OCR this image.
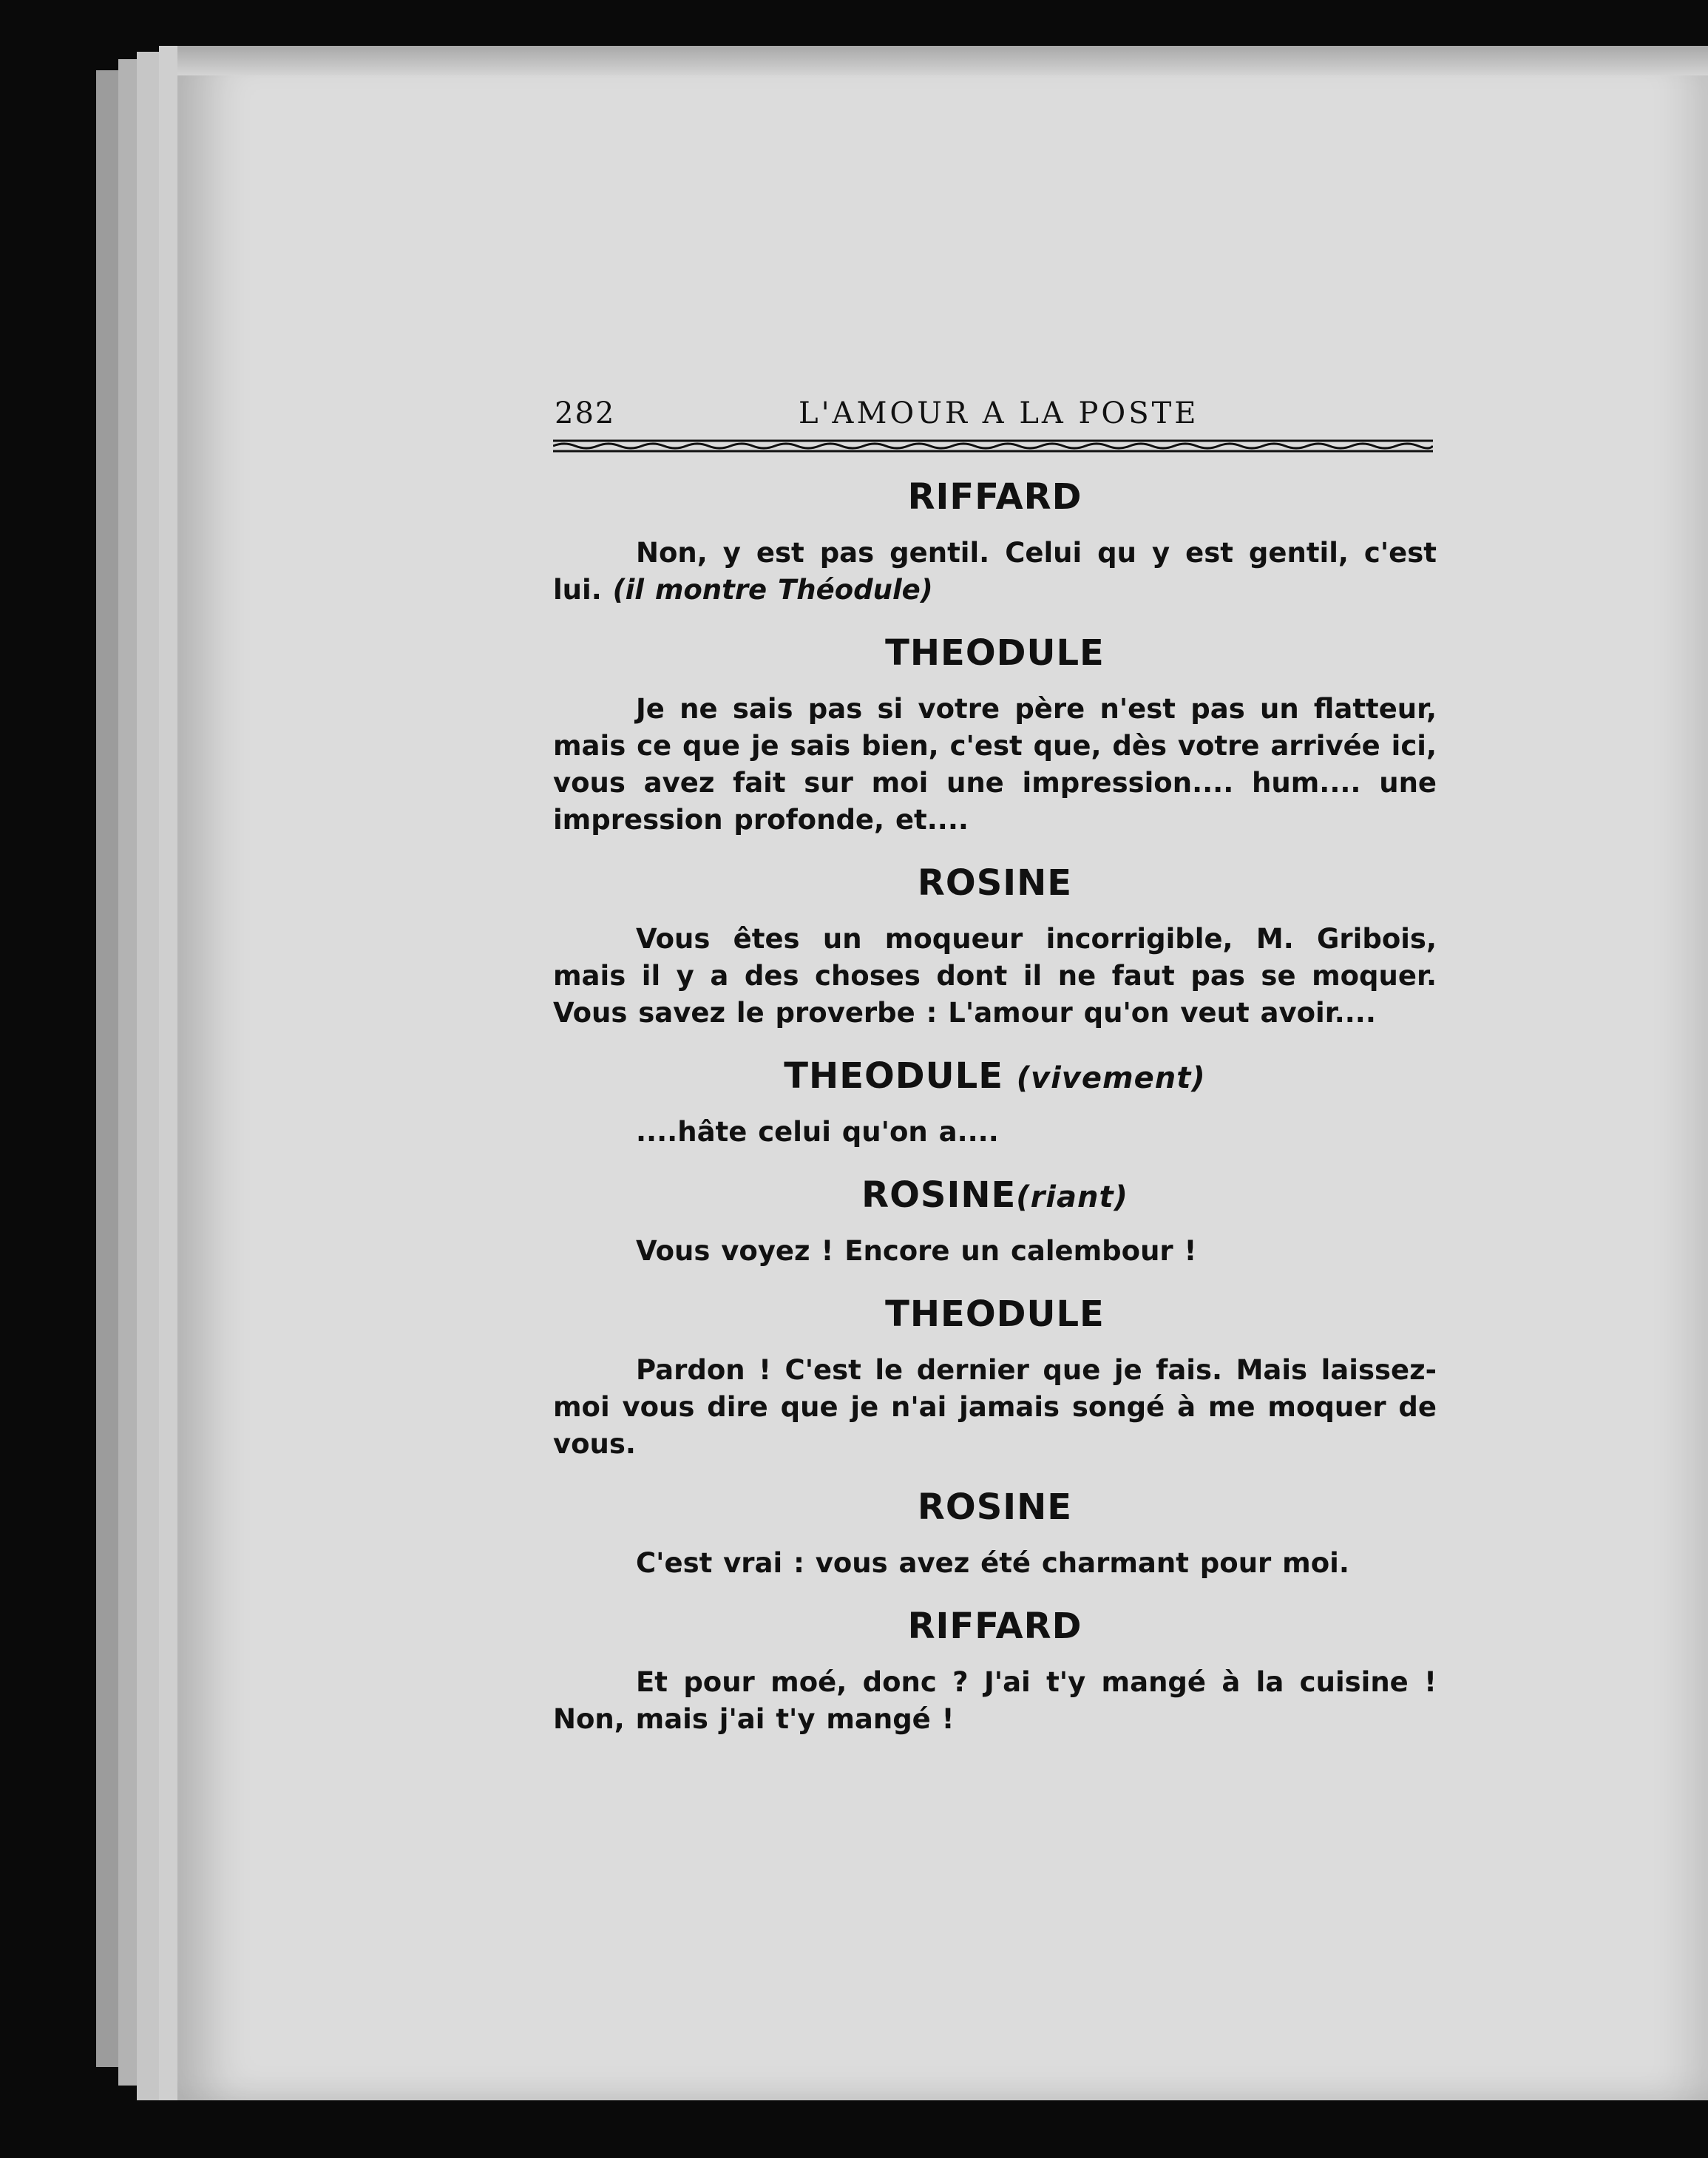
282	L'AMOUR A LA POSTE
RIFFARD

Non, y est pas gentil. Celui qu y est gentil, c'est lui. (il montre Théodule)

THEODULE

Je ne sais pas si votre père n'est pas un flatteur, mais ce que je sais bien, c'est que, dès votre arrivée ici, vous avez fait sur moi une impression.... hum.... une impression profonde, et....

ROSINE

Vous êtes un moqueur incorrigible, M. Gribois, mais il y a des choses dont il ne faut pas se moquer. Vous savez le proverbe : L'amour qu'on veut avoir....

THEODULE (vivement)

....hâte celui qu'on a....

ROSINE(riant)

Vous voyez ! Encore un calembour !

THEODULE

Pardon ! C'est le dernier que je fais. Mais laissez-moi vous dire que je n'ai jamais songé à me moquer de vous.

ROSINE

C'est vrai : vous avez été charmant pour moi.

RIFFARD

Et pour moé, donc ? J'ai t'y mangé à la cuisine ! Non, mais j'ai t'y mangé !
